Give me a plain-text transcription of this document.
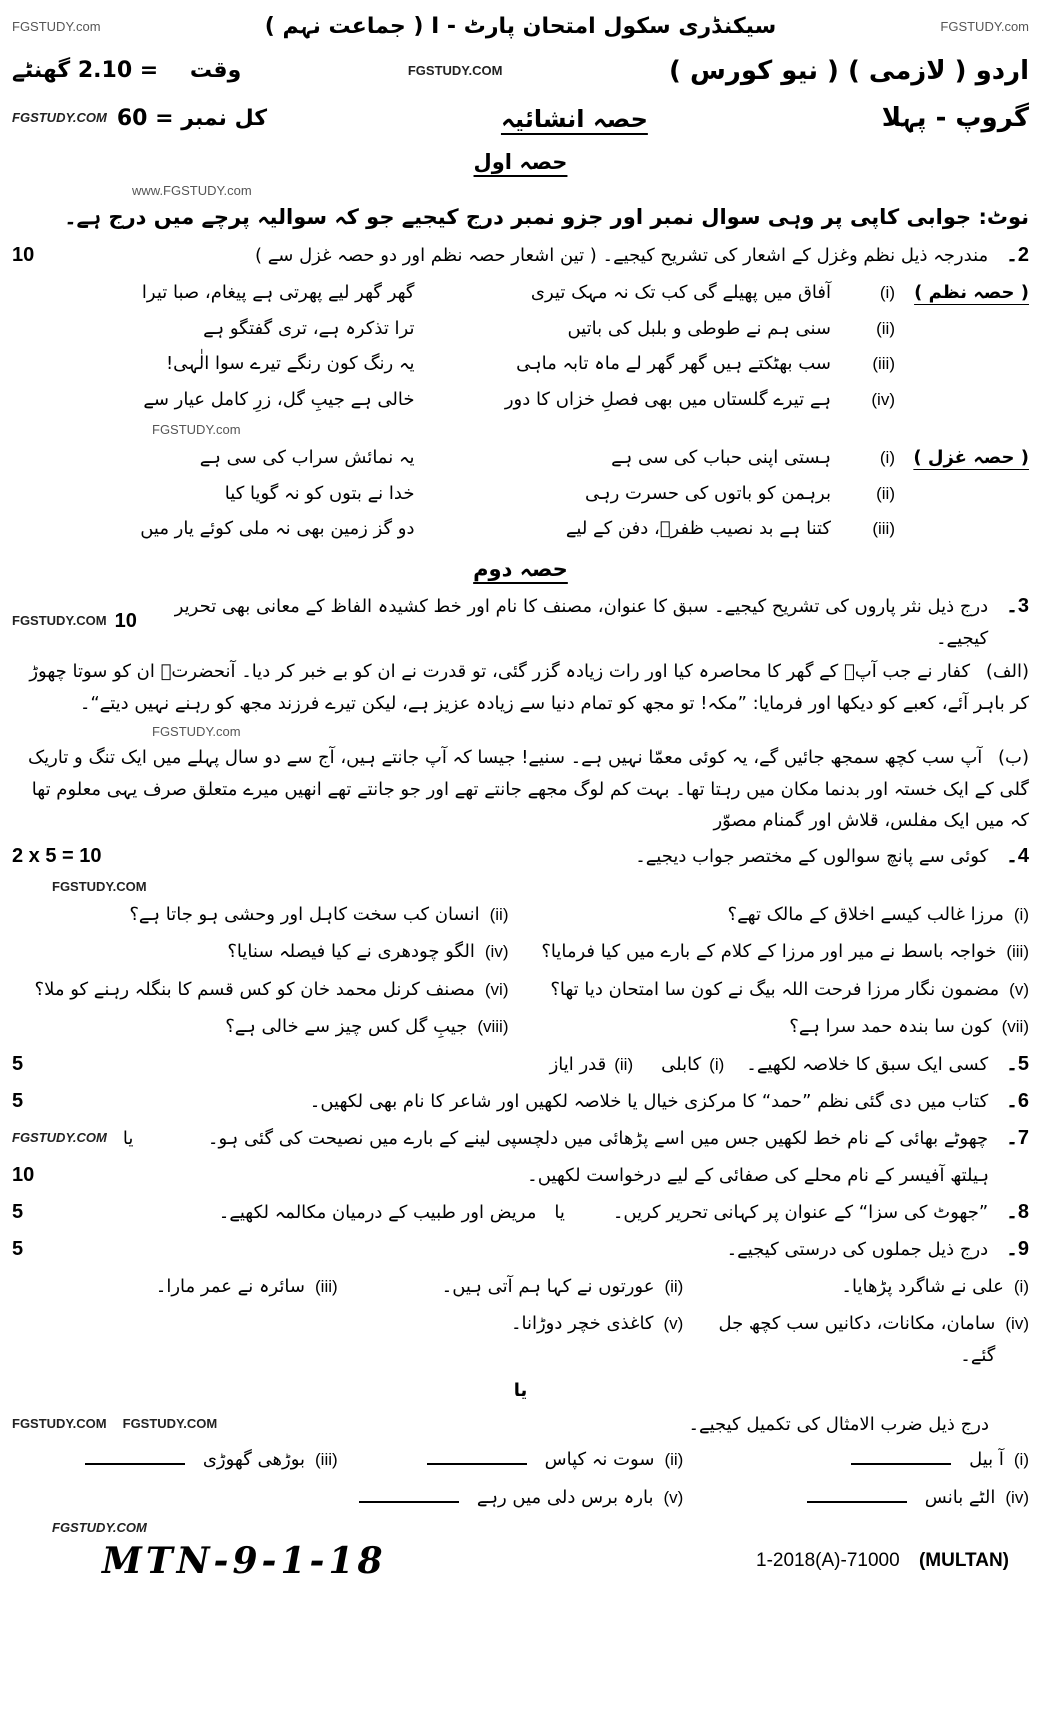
FGSTUDY.com
سیکنڈری سکول امتحان پارٹ - I ( جماعت نہم )
FGSTUDY.com
اردو ( لازمی ) ( نیو کورس )
FGSTUDY.COM
وقت = 2.10 گھنٹے
گروپ - پہلا
حصہ انشائیہ
کل نمبر = 60
FGSTUDY.COM
حصہ اول
www.FGSTUDY.com
نوٹ: جوابی کاپی پر وہی سوال نمبر اور جزو نمبر درج کیجیے جو کہ سوالیہ پرچے میں درج ہے۔
2۔
مندرجہ ذیل نظم وغزل کے اشعار کی تشریح کیجیے۔ ( تین اشعار حصہ نظم اور دو حصہ غزل سے )
10
( حصہ نظم )
(i)
آفاق میں پھیلے گی کب تک نہ مہک تیری
گھر گھر لیے پھرتی ہے پیغام، صبا تیرا
(ii)
سنی ہم نے طوطی و بلبل کی باتیں
ترا تذکرہ ہے، تری گفتگو ہے
(iii)
سب بھٹکتے ہیں گھر گھر لے ماہ تابہ ماہی
یہ رنگ کون رنگے تیرے سوا الٰہی!
(iv)
ہے تیرے گلستاں میں بھی فصلِ خزاں کا دور
خالی ہے جیبِ گل، زرِ کامل عیار سے
FGSTUDY.com
( حصہ غزل )
(i)
ہستی اپنی حباب کی سی ہے
یہ نمائش سراب کی سی ہے
(ii)
برہمن کو باتوں کی حسرت رہی
خدا نے بتوں کو نہ گویا کیا
(iii)
کتنا ہے بد نصیب ظفرؔ، دفن کے لیے
دو گز زمین بھی نہ ملی کوئے یار میں
حصہ دوم
3۔
درج ذیل نثر پاروں کی تشریح کیجیے۔ سبق کا عنوان، مصنف کا نام اور خط کشیدہ الفاظ کے معانی بھی تحریر کیجیے۔
10
FGSTUDY.COM

(الف) کفار نے جب آپؐ کے گھر کا محاصرہ کیا اور رات زیادہ گزر گئی، تو قدرت نے ان کو بے خبر کر دیا۔ آنحضرتؐ ان کو سوتا چھوڑ کر باہر آئے، کعبے کو دیکھا اور فرمایا: ”مکہ! تو مجھ کو تمام دنیا سے زیادہ عزیز ہے، لیکن تیرے فرزند مجھ کو رہنے نہیں دیتے“۔

FGSTUDY.com

(ب) آپ سب کچھ سمجھ جائیں گے، یہ کوئی معمّا نہیں ہے۔ سنیے! جیسا کہ آپ جانتے ہیں، آج سے دو سال پہلے میں ایک تنگ و تاریک گلی کے ایک خستہ اور بدنما مکان میں رہتا تھا۔ بہت کم لوگ مجھے جانتے تھے اور جو جانتے تھے انھیں میرے متعلق صرف یہی معلوم تھا کہ میں ایک مفلس، قلاش اور گمنام مصوّر

4۔
کوئی سے پانچ سوالوں کے مختصر جواب دیجیے۔
2 x 5 = 10
FGSTUDY.COM
(i)
مرزا غالب کیسے اخلاق کے مالک تھے؟
(ii)
انسان کب سخت کاہل اور وحشی ہو جاتا ہے؟
(iii)
خواجہ باسط نے میر اور مرزا کے کلام کے بارے میں کیا فرمایا؟
(iv)
الگو چودھری نے کیا فیصلہ سنایا؟
(v)
مضمون نگار مرزا فرحت اللہ بیگ نے کون سا امتحان دیا تھا؟
(vi)
مصنف کرنل محمد خان کو کس قسم کا بنگلہ رہنے کو ملا؟
(vii)
کون سا بندہ حمد سرا ہے؟
(viii)
جیبِ گل کس چیز سے خالی ہے؟
5۔
کسی ایک سبق کا خلاصہ لکھیے۔
(i)
کابلی
(ii)
قدر ایاز
5
6۔
کتاب میں دی گئی نظم ”حمد“ کا مرکزی خیال یا خلاصہ لکھیں اور شاعر کا نام بھی لکھیں۔
5
7۔
چھوٹے بھائی کے نام خط لکھیں جس میں اسے پڑھائی میں دلچسپی لینے کے بارے میں نصیحت کی گئی ہو۔
یا
FGSTUDY.COM
ہیلتھ آفیسر کے نام محلے کی صفائی کے لیے درخواست لکھیں۔
10
8۔
”جھوٹ کی سزا“ کے عنوان پر کہانی تحریر کریں۔
یا
مریض اور طبیب کے درمیان مکالمہ لکھیے۔
5
9۔
درج ذیل جملوں کی درستی کیجیے۔
5
(i)
علی نے شاگرد پڑھایا۔
(ii)
عورتوں نے کہا ہم آتی ہیں۔
(iii)
سائرہ نے عمر مارا۔
(iv)
سامان، مکانات، دکانیں سب کچھ جل گئے۔
(v)
کاغذی خچر دوڑانا۔
یا
درج ذیل ضرب الامثال کی تکمیل کیجیے۔
FGSTUDY.COM
FGSTUDY.COM
(i)
آ بیل
(ii)
سوت نہ کپاس
(iii)
بوڑھی گھوڑی
(iv)
الٹے بانس
(v)
بارہ برس دلی میں رہے
FGSTUDY.COM
MTN-9-1-18	1-2018(A)-71000 (MULTAN)
